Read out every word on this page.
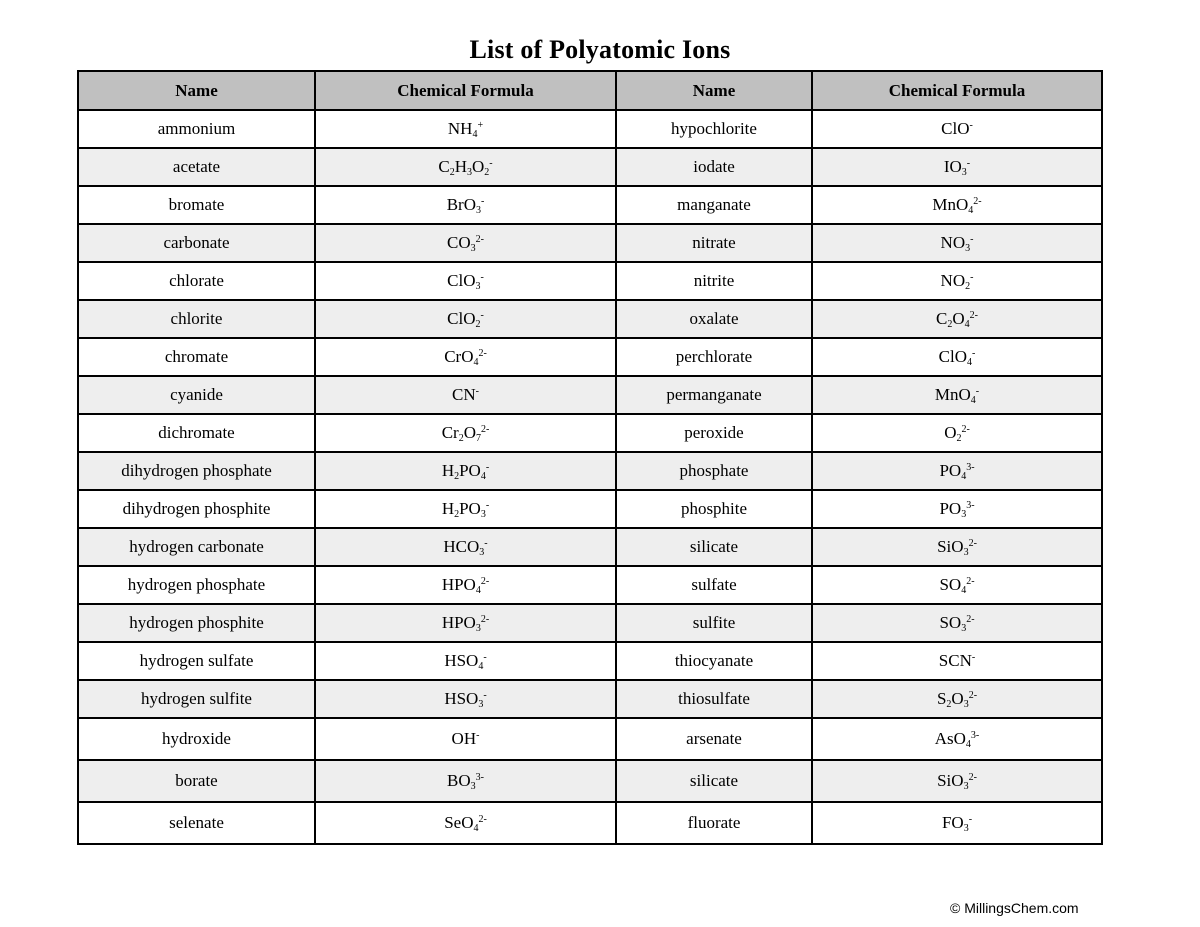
List of Polyatomic Ions
Name	Chemical Formula	Name	Chemical Formula
ammonium	$NH_4^+$	hypochlorite	ClO-
acetate	$C_2H_3O_2^-$	iodate	$IO_3^-$
bromate	BrO$_3$-	manganate	MnO$_4^{2-}$
carbonate	$CO_3^{2-}$	nitrate	$NO_3^-$
chlorate	ClO$_3$-	nitrite	$NO_2^-$
chlorite	ClO$_2$-	oxalate	$C_2O_4^{2-}$
chromate	CrO$_4^{2-}$	perchlorate	ClO$_4$-
cyanide	CN-	permanganate	MnO$_4$-
dichromate	$Cr_2O_7^{2-}$	peroxide	$O_2^{2-}$
dihydrogen phosphate	$H_2PO_4^-$	phosphate	$PO_4^{3-}$
dihydrogen phosphite	$H_2PO_3^-$	phosphite	$PO_3^{3-}$
hydrogen carbonate	$HCO_3^-$	silicate	SiO$_3^{2-}$
hydrogen phosphate	$HPO_4^{2-}$	sulfate	$SO_4^{2-}$
hydrogen phosphite	$HPO_3^{2-}$	sulfite	$SO_3^{2-}$
hydrogen sulfate	$HSO_4^-$	thiocyanate	SCN-
hydrogen sulfite	$HSO_3^-$	thiosulfate	$S_2O_3^{2-}$
hydroxide	OH-	arsenate	AsO$_4^{3-}$
borate	$BO_3^{3-}$	silicate	SiO$_3^{2-}$
selenate	SeO$_4^{2-}$	fluorate	$FO_3^-$
© MillingsChem.com
